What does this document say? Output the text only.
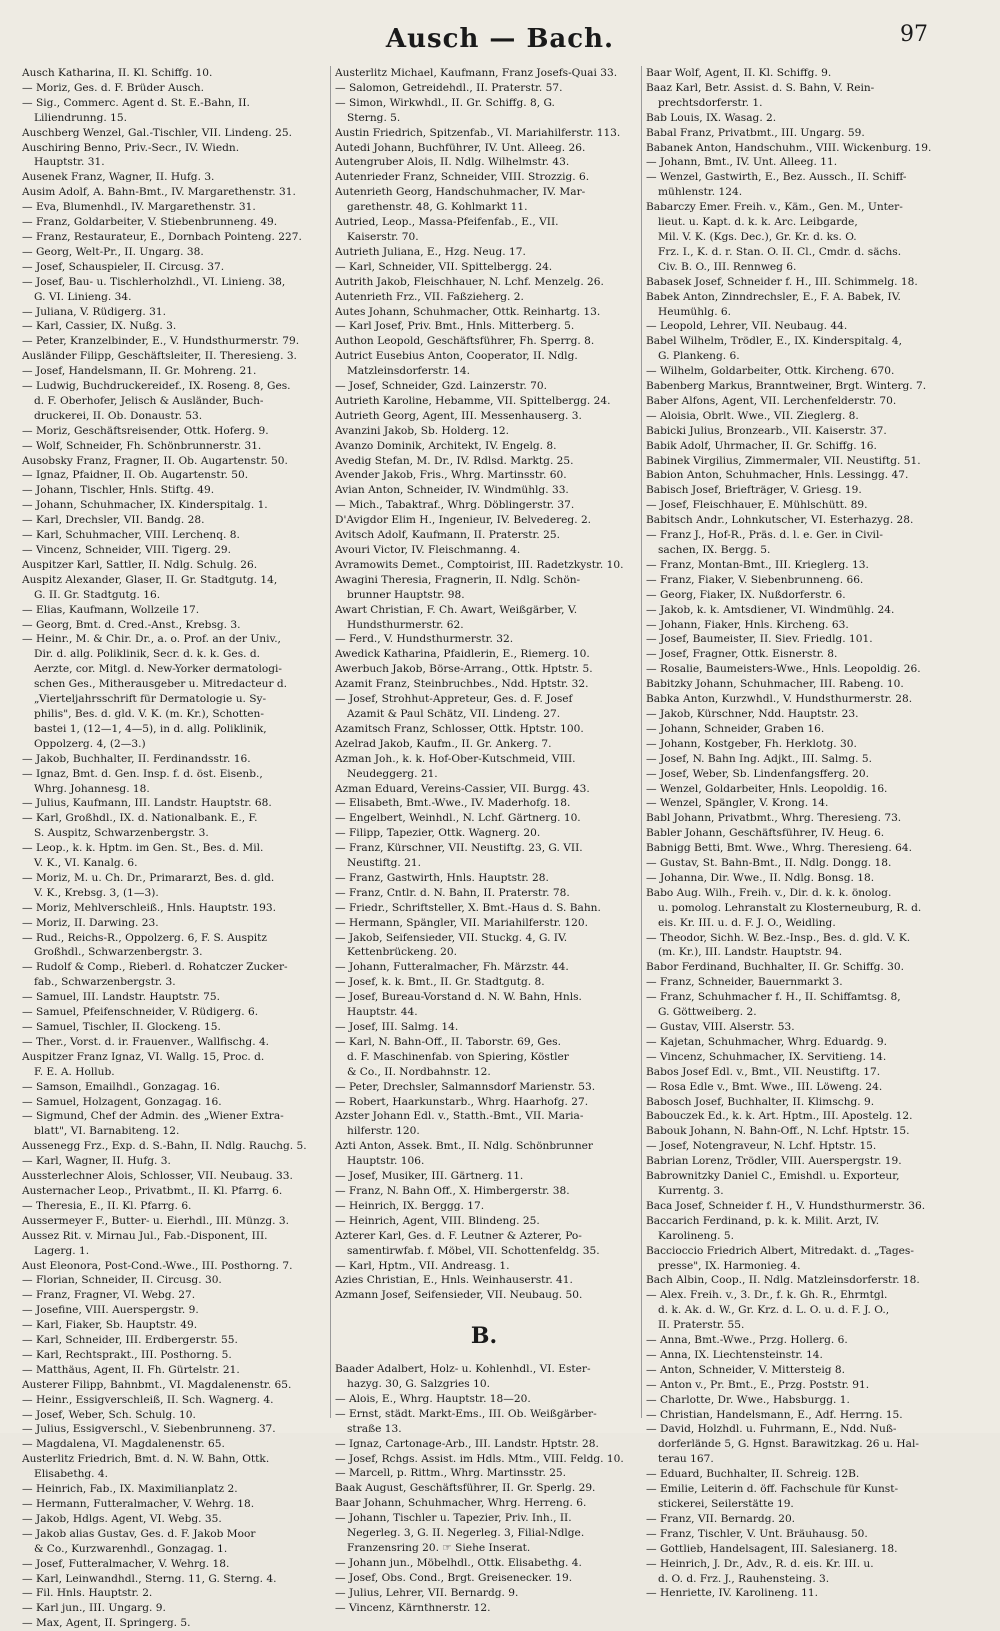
Ausch — Bach.	97
Ausch Katharina, II. Kl. Schiffg. 10.
— Moriz, Ges. d. F. Brüder Ausch.
— Sig., Commerc. Agent d. St. E.-Bahn, II.
Liliendrunng. 15.
Auschberg Wenzel, Gal.-Tischler, VII. Lindeng. 25.
Auschiring Benno, Priv.-Secr., IV. Wiedn.
Hauptstr. 31.
Ausenek Franz, Wagner, II. Hufg. 3.
Ausim Adolf, A. Bahn-Bmt., IV. Margarethenstr. 31.
— Eva, Blumenhdl., IV. Margarethenstr. 31.
— Franz, Goldarbeiter, V. Stiebenbrunneng. 49.
— Franz, Restaurateur, E., Dornbach Pointeng. 227.
— Georg, Welt-Pr., II. Ungarg. 38.
— Josef, Schauspieler, II. Circusg. 37.
— Josef, Bau- u. Tischlerholzhdl., VI. Linieng. 38,
G. VI. Linieng. 34.
— Juliana, V. Rüdigerg. 31.
— Karl, Cassier, IX. Nußg. 3.
— Peter, Kranzelbinder, E., V. Hundsthurmerstr. 79.
Ausländer Filipp, Geschäftsleiter, II. Theresieng. 3.
— Josef, Handelsmann, II. Gr. Mohreng. 21.
— Ludwig, Buchdruckereidef., IX. Roseng. 8, Ges.
d. F. Oberhofer, Jelisch & Ausländer, Buch-
druckerei, II. Ob. Donaustr. 53.
— Moriz, Geschäftsreisender, Ottk. Hoferg. 9.
— Wolf, Schneider, Fh. Schönbrunnerstr. 31.
Ausobsky Franz, Fragner, II. Ob. Augartenstr. 50.
— Ignaz, Pfaidner, II. Ob. Augartenstr. 50.
— Johann, Tischler, Hnls. Stiftg. 49.
— Johann, Schuhmacher, IX. Kinderspitalg. 1.
— Karl, Drechsler, VII. Bandg. 28.
— Karl, Schuhmacher, VIII. Lerchenq. 8.
— Vincenz, Schneider, VIII. Tigerg. 29.
Auspitzer Karl, Sattler, II. Ndlg. Schulg. 26.
Auspitz Alexander, Glaser, II. Gr. Stadtgutg. 14,
G. II. Gr. Stadtgutg. 16.
— Elias, Kaufmann, Wollzeile 17.
— Georg, Bmt. d. Cred.-Anst., Krebsg. 3.
— Heinr., M. & Chir. Dr., a. o. Prof. an der Univ.,
Dir. d. allg. Poliklinik, Secr. d. k. k. Ges. d.
Aerzte, cor. Mitgl. d. New-Yorker dermatologi-
schen Ges., Mitherausgeber u. Mitredacteur d.
„Vierteljahrsschrift für Dermatologie u. Sy-
philis", Bes. d. gld. V. K. (m. Kr.), Schotten-
bastei 1, (12—1, 4—5), in d. allg. Poliklinik,
Oppolzerg. 4, (2—3.)
— Jakob, Buchhalter, II. Ferdinandsstr. 16.
— Ignaz, Bmt. d. Gen. Insp. f. d. öst. Eisenb.,
Whrg. Johannesg. 18.
— Julius, Kaufmann, III. Landstr. Hauptstr. 68.
— Karl, Großhdl., IX. d. Nationalbank. E., F.
S. Auspitz, Schwarzenbergstr. 3.
— Leop., k. k. Hptm. im Gen. St., Bes. d. Mil.
V. K., VI. Kanalg. 6.
— Moriz, M. u. Ch. Dr., Primararzt, Bes. d. gld.
V. K., Krebsg. 3, (1—3).
— Moriz, Mehlverschleiß., Hnls. Hauptstr. 193.
— Moriz, II. Darwing. 23.
— Rud., Reichs-R., Oppolzerg. 6, F. S. Auspitz
Großhdl., Schwarzenbergstr. 3.
— Rudolf & Comp., Rieberl. d. Rohatczer Zucker-
fab., Schwarzenbergstr. 3.
— Samuel, III. Landstr. Hauptstr. 75.
— Samuel, Pfeifenschneider, V. Rüdigerg. 6.
— Samuel, Tischler, II. Glockeng. 15.
— Ther., Vorst. d. ir. Frauenver., Wallfischg. 4.
Auspitzer Franz Ignaz, VI. Wallg. 15, Proc. d.
F. E. A. Hollub.
— Samson, Emailhdl., Gonzagag. 16.
— Samuel, Holzagent, Gonzagag. 16.
— Sigmund, Chef der Admin. des „Wiener Extra-
blatt", VI. Barnabiteng. 12.
Aussenegg Frz., Exp. d. S.-Bahn, II. Ndlg. Rauchg. 5.
— Karl, Wagner, II. Hufg. 3.
Aussterlechner Alois, Schlosser, VII. Neubaug. 33.
Austernacher Leop., Privatbmt., II. Kl. Pfarrg. 6.
— Theresia, E., II. Kl. Pfarrg. 6.
Aussermeyer F., Butter- u. Eierhdl., III. Münzg. 3.
Aussez Rit. v. Mirnau Jul., Fab.-Disponent, III.
Lagerg. 1.
Aust Eleonora, Post-Cond.-Wwe., III. Posthorng. 7.
— Florian, Schneider, II. Circusg. 30.
— Franz, Fragner, VI. Webg. 27.
— Josefine, VIII. Auerspergstr. 9.
— Karl, Fiaker, Sb. Hauptstr. 49.
— Karl, Schneider, III. Erdbergerstr. 55.
— Karl, Rechtsprakt., III. Posthorng. 5.
— Matthäus, Agent, II. Fh. Gürtelstr. 21.
Austerer Filipp, Bahnbmt., VI. Magdalenenstr. 65.
— Heinr., Essigverschleiß, II. Sch. Wagnerg. 4.
— Josef, Weber, Sch. Schulg. 10.
— Julius, Essigverschl., V. Siebenbrunneng. 37.
— Magdalena, VI. Magdalenenstr. 65.
Austerlitz Friedrich, Bmt. d. N. W. Bahn, Ottk.
Elisabethg. 4.
— Heinrich, Fab., IX. Maximilianplatz 2.
— Hermann, Futteralmacher, V. Wehrg. 18.
— Jakob, Hdlgs. Agent, VI. Webg. 35.
— Jakob alias Gustav, Ges. d. F. Jakob Moor
& Co., Kurzwarenhdl., Gonzagag. 1.
— Josef, Futteralmacher, V. Wehrg. 18.
— Karl, Leinwandhdl., Sterng. 11, G. Sterng. 4.
— Fil. Hnls. Hauptstr. 2.
— Karl jun., III. Ungarg. 9.
— Max, Agent, II. Springerg. 5.
Austerlitz Michael, Kaufmann, Franz Josefs-Quai 33.
— Salomon, Getreidehdl., II. Praterstr. 57.
— Simon, Wirkwhdl., II. Gr. Schiffg. 8, G.
Sterng. 5.
Austin Friedrich, Spitzenfab., VI. Mariahilferstr. 113.
Autedi Johann, Buchführer, IV. Unt. Alleeg. 26.
Autengruber Alois, II. Ndlg. Wilhelmstr. 43.
Autenrieder Franz, Schneider, VIII. Strozzig. 6.
Autenrieth Georg, Handschuhmacher, IV. Mar-
garethenstr. 48, G. Kohlmarkt 11.
Autried, Leop., Massa-Pfeifenfab., E., VII.
Kaiserstr. 70.
Autrieth Juliana, E., Hzg. Neug. 17.
— Karl, Schneider, VII. Spittelbergg. 24.
Autrith Jakob, Fleischhauer, N. Lchf. Menzelg. 26.
Autenrieth Frz., VII. Faßzieherg. 2.
Autes Johann, Schuhmacher, Ottk. Reinhartg. 13.
— Karl Josef, Priv. Bmt., Hnls. Mitterberg. 5.
Authon Leopold, Geschäftsführer, Fh. Sperrg. 8.
Autrict Eusebius Anton, Cooperator, II. Ndlg.
Matzleinsdorferstr. 14.
— Josef, Schneider, Gzd. Lainzerstr. 70.
Autrieth Karoline, Hebamme, VII. Spittelbergg. 24.
Autrieth Georg, Agent, III. Messenhauserg. 3.
Avanzini Jakob, Sb. Holderg. 12.
Avanzo Dominik, Architekt, IV. Engelg. 8.
Avedig Stefan, M. Dr., IV. Rdlsd. Marktg. 25.
Avender Jakob, Fris., Whrg. Martinsstr. 60.
Avian Anton, Schneider, IV. Windmühlg. 33.
— Mich., Tabaktraf., Whrg. Döblingerstr. 37.
D'Avigdor Elim H., Ingenieur, IV. Belvedereg. 2.
Avitsch Adolf, Kaufmann, II. Praterstr. 25.
Avouri Victor, IV. Fleischmanng. 4.
Avramowits Demet., Comptoirist, III. Radetzkystr. 10.
Awagini Theresia, Fragnerin, II. Ndlg. Schön-
brunner Hauptstr. 98.
Awart Christian, F. Ch. Awart, Weißgärber, V.
Hundsthurmerstr. 62.
— Ferd., V. Hundsthurmerstr. 32.
Awedick Katharina, Pfaidlerin, E., Riemerg. 10.
Awerbuch Jakob, Börse-Arrang., Ottk. Hptstr. 5.
Azamit Franz, Steinbruchbes., Ndd. Hptstr. 32.
— Josef, Strohhut-Appreteur, Ges. d. F. Josef
Azamit & Paul Schätz, VII. Lindeng. 27.
Azamitsch Franz, Schlosser, Ottk. Hptstr. 100.
Azelrad Jakob, Kaufm., II. Gr. Ankerg. 7.
Azman Joh., k. k. Hof-Ober-Kutschmeid, VIII.
Neudeggerg. 21.
Azman Eduard, Vereins-Cassier, VII. Burgg. 43.
— Elisabeth, Bmt.-Wwe., IV. Maderhofg. 18.
— Engelbert, Weinhdl., N. Lchf. Gärtnerg. 10.
— Filipp, Tapezier, Ottk. Wagnerg. 20.
— Franz, Kürschner, VII. Neustiftg. 23, G. VII.
Neustiftg. 21.
— Franz, Gastwirth, Hnls. Hauptstr. 28.
— Franz, Cntlr. d. N. Bahn, II. Praterstr. 78.
— Friedr., Schriftsteller, X. Bmt.-Haus d. S. Bahn.
— Hermann, Spängler, VII. Mariahilferstr. 120.
— Jakob, Seifensieder, VII. Stuckg. 4, G. IV.
Kettenbrückeng. 20.
— Johann, Futteralmacher, Fh. Märzstr. 44.
— Josef, k. k. Bmt., II. Gr. Stadtgutg. 8.
— Josef, Bureau-Vorstand d. N. W. Bahn, Hnls.
Hauptstr. 44.
— Josef, III. Salmg. 14.
— Karl, N. Bahn-Off., II. Taborstr. 69, Ges.
d. F. Maschinenfab. von Spiering, Köstler
& Co., II. Nordbahnstr. 12.
— Peter, Drechsler, Salmannsdorf Marienstr. 53.
— Robert, Haarkunstarb., Whrg. Haarhofg. 27.
Azster Johann Edl. v., Statth.-Bmt., VII. Maria-
hilferstr. 120.
Azti Anton, Assek. Bmt., II. Ndlg. Schönbrunner
Hauptstr. 106.
— Josef, Musiker, III. Gärtnerg. 11.
— Franz, N. Bahn Off., X. Himbergerstr. 38.
— Heinrich, IX. Berggg. 17.
— Heinrich, Agent, VIII. Blindeng. 25.
Azterer Karl, Ges. d. F. Leutner & Azterer, Po-
samentirwfab. f. Möbel, VII. Schottenfeldg. 35.
— Karl, Hptm., VII. Andreasg. 1.
Azies Christian, E., Hnls. Weinhauserstr. 41.
Azmann Josef, Seifensieder, VII. Neubaug. 50.
B.
Baader Adalbert, Holz- u. Kohlenhdl., VI. Ester-
hazyg. 30, G. Salzgries 10.
— Alois, E., Whrg. Hauptstr. 18—20.
— Ernst, städt. Markt-Ems., III. Ob. Weißgärber-
straße 13.
— Ignaz, Cartonage-Arb., III. Landstr. Hptstr. 28.
— Josef, Rchgs. Assist. im Hdls. Mtm., VIII. Feldg. 10.
— Marcell, p. Rittm., Whrg. Martinsstr. 25.
Baak August, Geschäftsführer, II. Gr. Sperlg. 29.
Baar Johann, Schuhmacher, Whrg. Herreng. 6.
— Johann, Tischler u. Tapezier, Priv. Inh., II.
Negerleg. 3, G. II. Negerleg. 3, Filial-Ndlge.
Franzensring 20. ☞ Siehe Inserat.
— Johann jun., Möbelhdl., Ottk. Elisabethg. 4.
— Josef, Obs. Cond., Brgt. Greisenecker. 19.
— Julius, Lehrer, VII. Bernardg. 9.
— Vincenz, Kärnthnerstr. 12.
Baar Wolf, Agent, II. Kl. Schiffg. 9.
Baaz Karl, Betr. Assist. d. S. Bahn, V. Rein-
prechtsdorferstr. 1.
Bab Louis, IX. Wasag. 2.
Babal Franz, Privatbmt., III. Ungarg. 59.
Babanek Anton, Handschuhm., VIII. Wickenburg. 19.
— Johann, Bmt., IV. Unt. Alleeg. 11.
— Wenzel, Gastwirth, E., Bez. Aussch., II. Schiff-
mühlenstr. 124.
Babarczy Emer. Freih. v., Käm., Gen. M., Unter-
lieut. u. Kapt. d. k. k. Arc. Leibgarde,
Mil. V. K. (Kgs. Dec.), Gr. Kr. d. ks. O.
Frz. I., K. d. r. Stan. O. II. Cl., Cmdr. d. sächs.
Civ. B. O., III. Rennweg 6.
Babasek Josef, Schneider f. H., III. Schimmelg. 18.
Babek Anton, Zinndrechsler, E., F. A. Babek, IV.
Heumühlg. 6.
— Leopold, Lehrer, VII. Neubaug. 44.
Babel Wilhelm, Trödler, E., IX. Kinderspitalg. 4,
G. Plankeng. 6.
— Wilhelm, Goldarbeiter, Ottk. Kircheng. 670.
Babenberg Markus, Branntweiner, Brgt. Winterg. 7.
Baber Alfons, Agent, VII. Lerchenfelderstr. 70.
— Aloisia, Obrlt. Wwe., VII. Zieglerg. 8.
Babicki Julius, Bronzearb., VII. Kaiserstr. 37.
Babik Adolf, Uhrmacher, II. Gr. Schiffg. 16.
Babinek Virgilius, Zimmermaler, VII. Neustiftg. 51.
Babion Anton, Schuhmacher, Hnls. Lessingg. 47.
Babisch Josef, Briefträger, V. Griesg. 19.
— Josef, Fleischhauer, E. Mühlschütt. 89.
Babitsch Andr., Lohnkutscher, VI. Esterhazyg. 28.
— Franz J., Hof-R., Präs. d. l. e. Ger. in Civil-
sachen, IX. Bergg. 5.
— Franz, Montan-Bmt., III. Krieglerg. 13.
— Franz, Fiaker, V. Siebenbrunneng. 66.
— Georg, Fiaker, IX. Nußdorferstr. 6.
— Jakob, k. k. Amtsdiener, VI. Windmühlg. 24.
— Johann, Fiaker, Hnls. Kircheng. 63.
— Josef, Baumeister, II. Siev. Friedlg. 101.
— Josef, Fragner, Ottk. Eisnerstr. 8.
— Rosalie, Baumeisters-Wwe., Hnls. Leopoldig. 26.
Babitzky Johann, Schuhmacher, III. Rabeng. 10.
Babka Anton, Kurzwhdl., V. Hundsthurmerstr. 28.
— Jakob, Kürschner, Ndd. Hauptstr. 23.
— Johann, Schneider, Graben 16.
— Johann, Kostgeber, Fh. Herklotg. 30.
— Josef, N. Bahn Ing. Adjkt., III. Salmg. 5.
— Josef, Weber, Sb. Lindenfangsfferg. 20.
— Wenzel, Goldarbeiter, Hnls. Leopoldig. 16.
— Wenzel, Spängler, V. Krong. 14.
Babl Johann, Privatbmt., Whrg. Theresieng. 73.
Babler Johann, Geschäftsführer, IV. Heug. 6.
Babnigg Betti, Bmt. Wwe., Whrg. Theresieng. 64.
— Gustav, St. Bahn-Bmt., II. Ndlg. Dongg. 18.
— Johanna, Dir. Wwe., II. Ndlg. Bonsg. 18.
Babo Aug. Wilh., Freih. v., Dir. d. k. k. önolog.
u. pomolog. Lehranstalt zu Klosterneuburg, R. d.
eis. Kr. III. u. d. F. J. O., Weidling.
— Theodor, Sichh. W. Bez.-Insp., Bes. d. gld. V. K.
(m. Kr.), III. Landstr. Hauptstr. 94.
Babor Ferdinand, Buchhalter, II. Gr. Schiffg. 30.
— Franz, Schneider, Bauernmarkt 3.
— Franz, Schuhmacher f. H., II. Schiffamtsg. 8,
G. Göttweiberg. 2.
— Gustav, VIII. Alserstr. 53.
— Kajetan, Schuhmacher, Whrg. Eduardg. 9.
— Vincenz, Schuhmacher, IX. Servitieng. 14.
Babos Josef Edl. v., Bmt., VII. Neustiftg. 17.
— Rosa Edle v., Bmt. Wwe., III. Löweng. 24.
Babosch Josef, Buchhalter, II. Klimschg. 9.
Babouczek Ed., k. k. Art. Hptm., III. Apostelg. 12.
Babouk Johann, N. Bahn-Off., N. Lchf. Hptstr. 15.
— Josef, Notengraveur, N. Lchf. Hptstr. 15.
Babrian Lorenz, Trödler, VIII. Auerspergstr. 19.
Babrownitzky Daniel C., Emishdl. u. Exporteur,
Kurrentg. 3.
Baca Josef, Schneider f. H., V. Hundsthurmerstr. 36.
Baccarich Ferdinand, p. k. k. Milit. Arzt, IV.
Karolineng. 5.
Baccioccio Friedrich Albert, Mitredakt. d. „Tages-
presse", IX. Harmonieg. 4.
Bach Albin, Coop., II. Ndlg. Matzleinsdorferstr. 18.
— Alex. Freih. v., 3. Dr., f. k. Gh. R., Ehrmtgl.
d. k. Ak. d. W., Gr. Krz. d. L. O. u. d. F. J. O.,
II. Praterstr. 55.
— Anna, Bmt.-Wwe., Przg. Hollerg. 6.
— Anna, IX. Liechtensteinstr. 14.
— Anton, Schneider, V. Mittersteig 8.
— Anton v., Pr. Bmt., E., Przg. Poststr. 91.
— Charlotte, Dr. Wwe., Habsburgg. 1.
— Christian, Handelsmann, E., Adf. Herrng. 15.
— David, Holzhdl. u. Fuhrmann, E., Ndd. Nuß-
dorferlände 5, G. Hgnst. Barawitzkag. 26 u. Hal-
terau 167.
— Eduard, Buchhalter, II. Schreig. 12B.
— Emilie, Leiterin d. öff. Fachschule für Kunst-
stickerei, Seilerstätte 19.
— Franz, VII. Bernardg. 20.
— Franz, Tischler, V. Unt. Bräuhausg. 50.
— Gottlieb, Handelsagent, III. Salesianerg. 18.
— Heinrich, J. Dr., Adv., R. d. eis. Kr. III. u.
d. O. d. Frz. J., Rauhensteing. 3.
— Henriette, IV. Karolineng. 11.
